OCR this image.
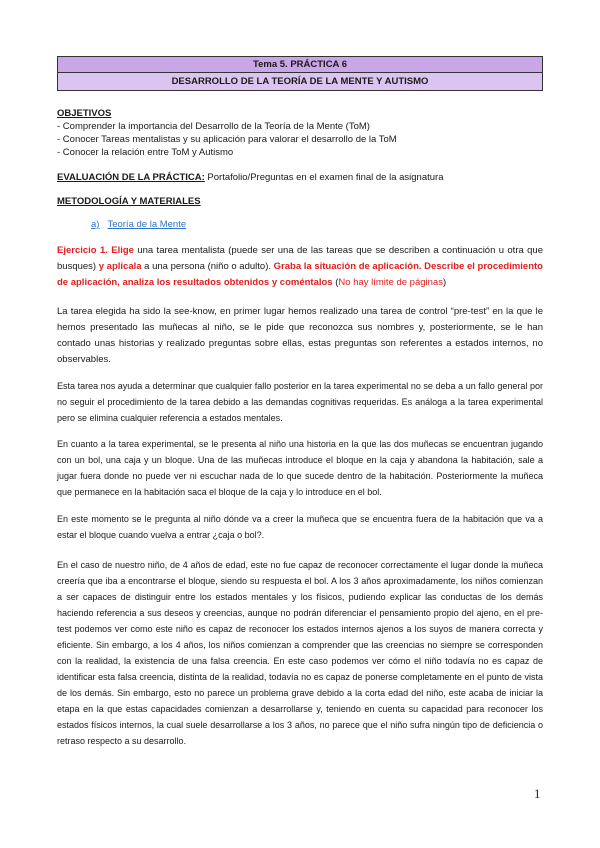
Tema 5. PRÁCTICA 6
DESARROLLO DE LA TEORÍA DE LA MENTE Y AUTISMO

OBJETIVOS

- Comprender la importancia del Desarrollo de la Teoría de la Mente (ToM)

- Conocer Tareas mentalistas y su aplicación para valorar el desarrollo de la ToM

- Conocer la relación entre ToM y Autismo

EVALUACIÓN DE LA PRÁCTICA: Portafolio/Preguntas en el examen final de la asignatura

METODOLOGÍA Y MATERIALES

a) Teoría de la Mente

Ejercicio 1. Elige una tarea mentalista (puede ser una de las tareas que se describen a continuación u otra que busques) y aplícala a una persona (niño o adulto). Graba la situación de aplicación. Describe el procedimiento de aplicación, analiza los resultados obtenidos y coméntalos (No hay límite de páginas)

La tarea elegida ha sido la see-know, en primer lugar hemos realizado una tarea de control “pre-test” en la que le hemos presentado las muñecas al niño, se le pide que reconozca sus nombres y, posteriormente, se le han contado unas historias y realizado preguntas sobre ellas, estas preguntas son referentes a estados internos, no observables.

Esta tarea nos ayuda a determinar que cualquier fallo posterior en la tarea experimental no se deba a un fallo general por no seguir el procedimiento de la tarea debido a las demandas cognitivas requeridas. Es análoga a la tarea experimental pero se elimina cualquier referencia a estados mentales.

En cuanto a la tarea experimental, se le presenta al niño una historia en la que las dos muñecas se encuentran jugando con un bol, una caja y un bloque. Una de las muñecas introduce el bloque en la caja y abandona la habitación, sale a jugar fuera donde no puede ver ni escuchar nada de lo que sucede dentro de la habitación. Posteriormente la muñeca que permanece en la habitación saca el bloque de la caja y lo introduce en el bol.

En este momento se le pregunta al niño dónde va a creer la muñeca que se encuentra fuera de la habitación que va a estar el bloque cuando vuelva a entrar ¿caja o bol?.

En el caso de nuestro niño, de 4 años de edad, este no fue capaz de reconocer correctamente el lugar donde la muñeca creería que iba a encontrarse el bloque, siendo su respuesta el bol. A los 3 años aproximadamente, los niños comienzan a ser capaces de distinguir entre los estados mentales y los físicos, pudiendo explicar las conductas de los demás haciendo referencia a sus deseos y creencias, aunque no podrán diferenciar el pensamiento propio del ajeno, en el pre-test podemos ver como este niño es capaz de reconocer los estados internos ajenos a los suyos de manera correcta y eficiente. Sin embargo, a los 4 años, los niños comienzan a comprender que las creencias no siempre se corresponden con la realidad, la existencia de una falsa creencia. En este caso podemos ver cómo el niño todavía no es capaz de identificar esta falsa creencia, distinta de la realidad, todavía no es capaz de ponerse completamente en el punto de vista de los demás. Sin embargo, esto no parece un problema grave debido a la corta edad del niño, este acaba de iniciar la etapa en la que estas capacidades comienzan a desarrollarse y, teniendo en cuenta su capacidad para reconocer los estados físicos internos, la cual suele desarrollarse a los 3 años, no parece que el niño sufra ningún tipo de deficiencia o retraso respecto a su desarrollo.

1
